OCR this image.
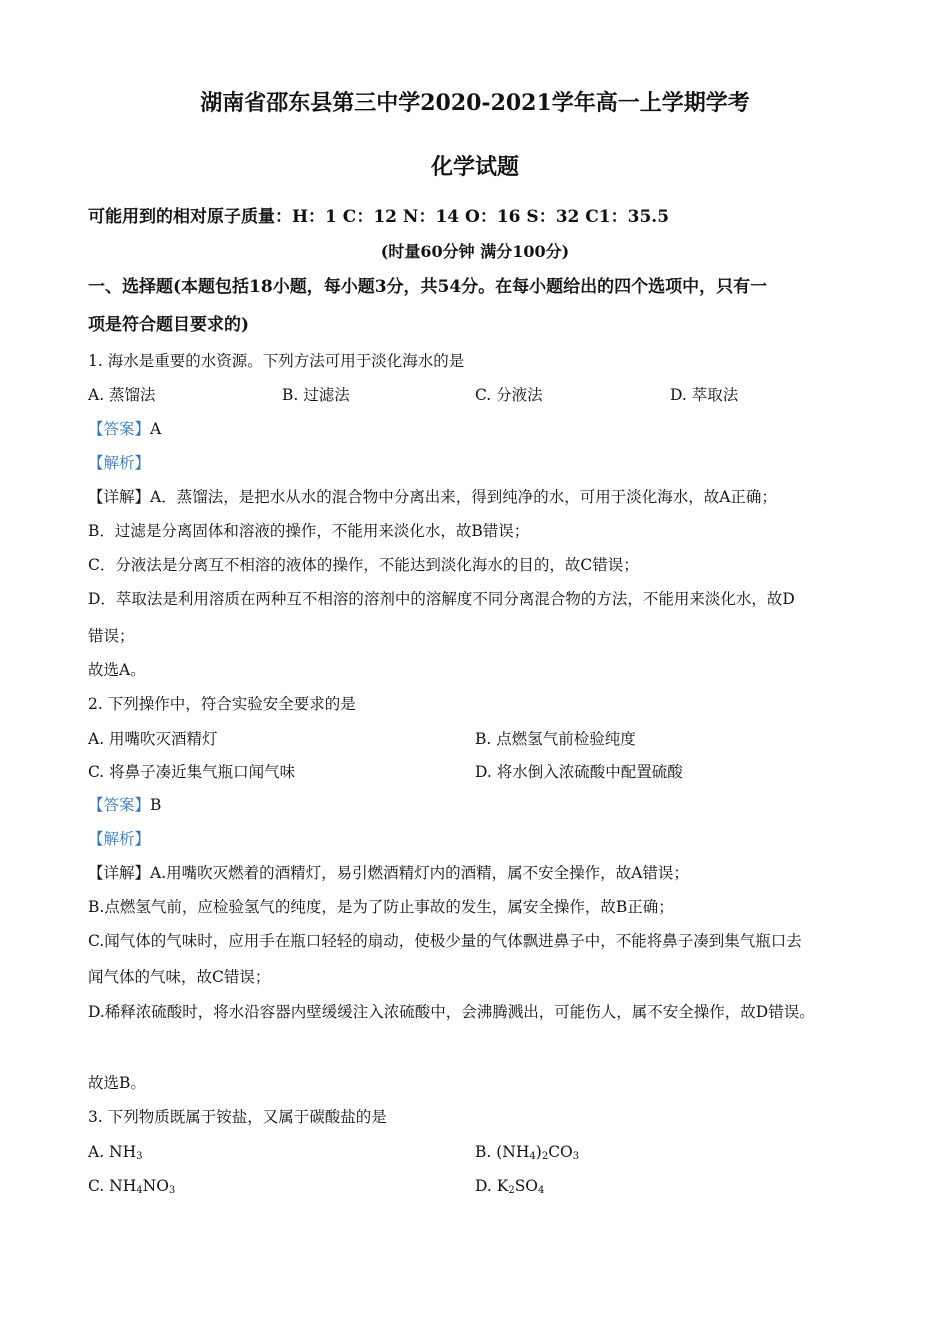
湖南省邵东县第三中学2020-2021学年高一上学期学考
化学试题
可能用到的相对原子质量：H：1 C：12 N：14 O：16 S：32 C1：35.5
(时量60分钟 满分100分)
一、选择题(本题包括18小题，每小题3分，共54分。在每小题给出的四个选项中，只有一
项是符合题目要求的)
1. 海水是重要的水资源。下列方法可用于淡化海水的是
A. 蒸馏法	B. 过滤法	C. 分液法	D. 萃取法
【答案】A
【解析】
【详解】A．蒸馏法，是把水从水的混合物中分离出来，得到纯净的水，可用于淡化海水，故A正确；
B．过滤是分离固体和溶液的操作，不能用来淡化水，故B错误；
C．分液法是分离互不相溶的液体的操作，不能达到淡化海水的目的，故C错误；
D．萃取法是利用溶质在两种互不相溶的溶剂中的溶解度不同分离混合物的方法，不能用来淡化水，故D
错误；
故选A。
2. 下列操作中，符合实验安全要求的是
A. 用嘴吹灭酒精灯	B. 点燃氢气前检验纯度
C. 将鼻子凑近集气瓶口闻气味	D. 将水倒入浓硫酸中配置硫酸
【答案】B
【解析】
【详解】A.用嘴吹灭燃着的酒精灯，易引燃酒精灯内的酒精，属不安全操作，故A错误；
B.点燃氢气前，应检验氢气的纯度，是为了防止事故的发生，属安全操作，故B正确；
C.闻气体的气味时，应用手在瓶口轻轻的扇动，使极少量的气体飘进鼻子中，不能将鼻子凑到集气瓶口去
闻气体的气味，故C错误；
D.稀释浓硫酸时，将水沿容器内壁缓缓注入浓硫酸中，会沸腾溅出，可能伤人，属不安全操作，故D错误。
故选B。
3. 下列物质既属于铵盐，又属于碳酸盐的是
A. $NH_3$	B. $(NH_4)_2CO_3$
C. $NH_4NO_3$	D. $K_2SO_4$
